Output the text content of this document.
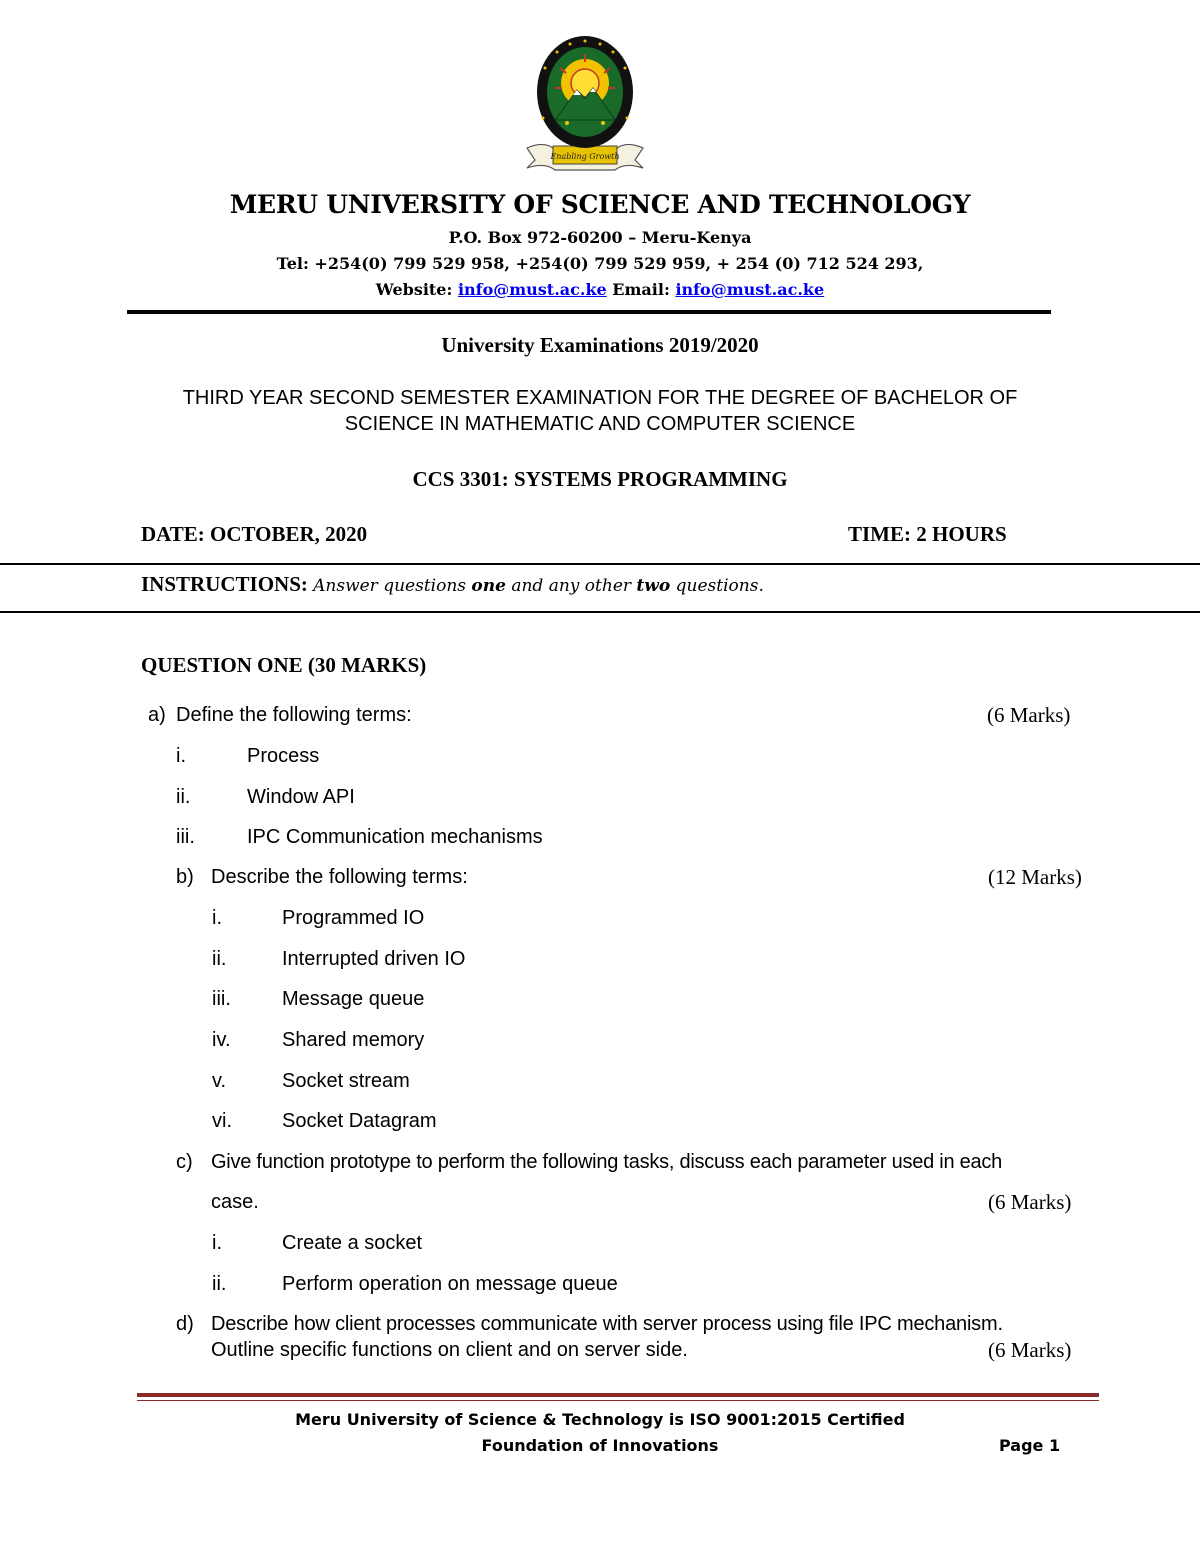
Enabling Growth
MERU UNIVERSITY OF SCIENCE AND TECHNOLOGY
P.O. Box 972-60200 – Meru-Kenya
Tel: +254(0) 799 529 958, +254(0) 799 529 959, + 254 (0) 712 524 293,
Website: info@must.ac.ke Email: info@must.ac.ke
University Examinations 2019/2020
THIRD YEAR SECOND SEMESTER EXAMINATION FOR THE DEGREE OF BACHELOR OF
SCIENCE IN MATHEMATIC AND COMPUTER SCIENCE
CCS 3301: SYSTEMS PROGRAMMING
DATE: OCTOBER, 2020	TIME: 2 HOURS
INSTRUCTIONS: Answer questions one and any other two questions.
QUESTION ONE (30 MARKS)
a) Define the following terms:	(6 Marks)
i.	Process
ii.	Window API
iii.	IPC Communication mechanisms
b) Describe the following terms:	(12 Marks)
i.	Programmed IO
ii.	Interrupted driven IO
iii.	Message queue
iv.	Shared memory
v.	Socket stream
vi.	Socket Datagram
c) Give function prototype to perform the following tasks, discuss each parameter used in each
case.	(6 Marks)
i.	Create a socket
ii.	Perform operation on message queue
d) Describe how client processes communicate with server process using file IPC mechanism.
Outline specific functions on client and on server side.	(6 Marks)
Meru University of Science & Technology is ISO 9001:2015 Certified
Foundation of Innovations	Page 1
